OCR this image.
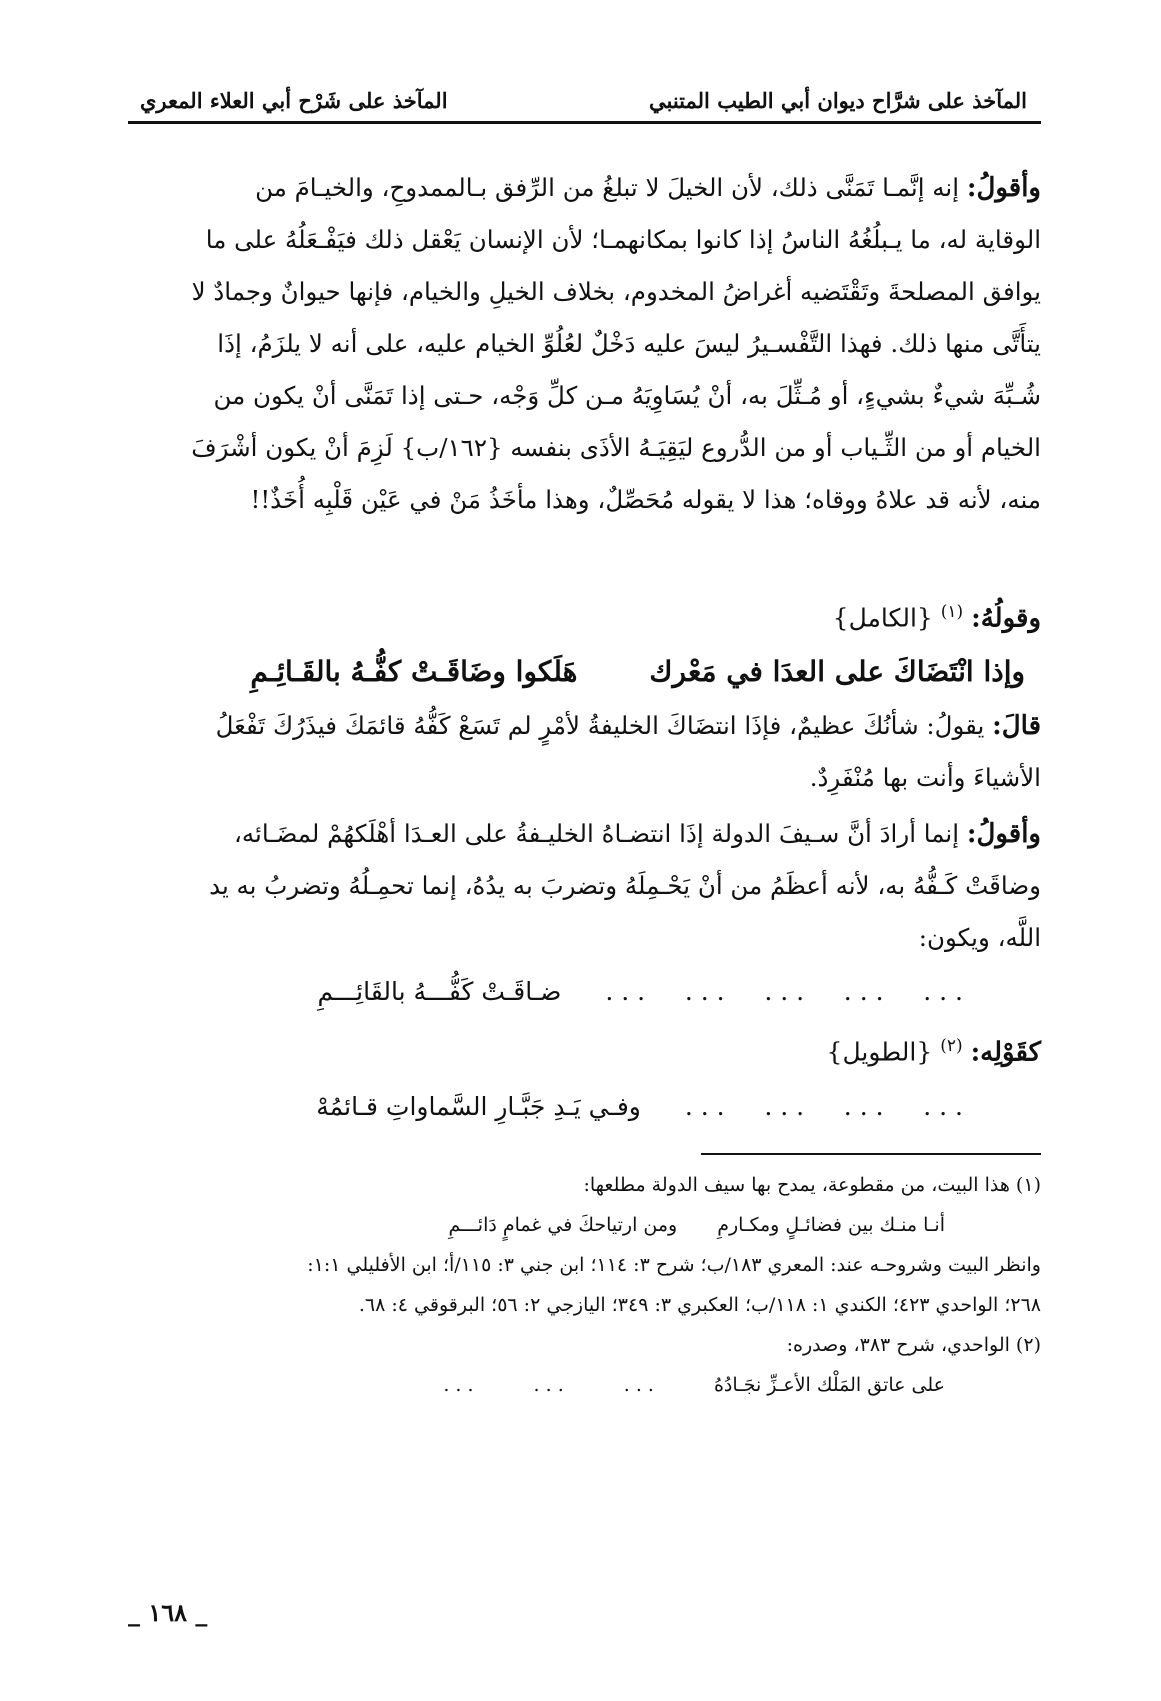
المآخذ على شرَّاح ديوان أبي الطيب المتنبي
المآخذ على شَرْح أبي العلاء المعري

وأقولُ: إنه إنَّمـا تَمَنَّى ذلك، لأن الخيلَ لا تبلغُ من الرِّفق بـالممدوحِ، والخيـامَ من

الوقاية له، ما يـبلُغُهُ الناسُ إذا كانوا بمكانهمـا؛ لأن الإنسان يَعْقل ذلك فيَفْـعَلُهُ على ما

يوافق المصلحةَ وتَقْتَضيه أغراضُ المخدوم، بخلاف الخيلِ والخيام، فإنها حيوانٌ وجمادٌ لا

يتأَتَّى منها ذلك. فهذا التَّفْسـيرُ ليسَ عليه دَخْلٌ لعُلُوِّ الخيام عليه، على أنه لا يلزَمُ، إذَا

شُـبِّهَ شيءٌ بشيءٍ، أو مُـثِّلَ به، أنْ يُسَاوِيَهُ مـن كلِّ وَجْه، حـتى إذا تَمَنَّى أنْ يكون من

الخيام أو من الثِّـياب أو من الدُّروع ليَقِيَـهُ الأذَى بنفسه {١٦٢/ب} لَزِمَ أنْ يكون أشْرَفَ

منه، لأنه قد علاهُ ووقاه؛ هذا لا يقوله مُحَصِّلٌ، وهذا مأخَذُ مَنْ في عَيْن قَلْبِه أُخَذٌ!!

وقولُهُ: $^{(١)}$ {الكامل}

وإذا انْتَضَاكَ على العدَا في مَعْرك
هَلَكوا وضَاقَـتْ كفُّـهُ بالقَـائِـمِ

قالَ: يقولُ: شأنُكَ عظيمٌ، فإذَا انتضَاكَ الخليفةُ لأمْرٍ لم تَسَعْ كَفُّهُ قائمَكَ فيذَرُكَ تَفْعَلُ

الأشياءَ وأنت بها مُنْفَرِدٌ.

وأقولُ: إنما أرادَ أنَّ سـيفَ الدولة إذَا انتضـاهُ الخليـفةُ على العـدَا أهْلَكهُمْ لمضَـائه،

وضاقَتْ كَـفُّهُ به، لأنه أعظَمُ من أنْ يَحْـمِلَهُ وتضربَ به يدُهُ، إنما تحمِـلُهُ وتضربُ به يد

اللَّه، ويكون:

. . .     . . .     . . .     . . .     . . .
ضـاقَـتْ كَفُّـــهُ بالقَائِـــمِ

كقَوْلِه: $^{(٢)}$ {الطويل}

. . .     . . .     . . .     . . .
وفـي يَـدِ جَبَّـارِ السَّماواتِ قـائمُهْ

(١) هذا البيت، من مقطوعة، يمدح بها سيف الدولة مطلعها:

أنـا منـك بين فضائـلٍ ومكـارمِ
ومن ارتياحكَ في غمامٍ دَائـــمِ

وانظر البيت وشروحـه عند: المعري ١٨٣/ب؛ شرح ٣: ١١٤؛ ابن جني ٣: ١١٥/أ؛ ابن الأفليلي ١:١:

٢٦٨؛ الواحدي ٤٢٣؛ الكندي ١: ١١٨/ب؛ العكبري ٣: ٣٤٩؛ اليازجي ٢: ٥٦؛ البرقوقي ٤: ٦٨.

(٢) الواحدي، شرح ٣٨٣، وصدره:

على عاتق المَلْك الأعـزِّ نجَـادُهُ
. . .
. . .
. . .
_ ١٦٨ _
